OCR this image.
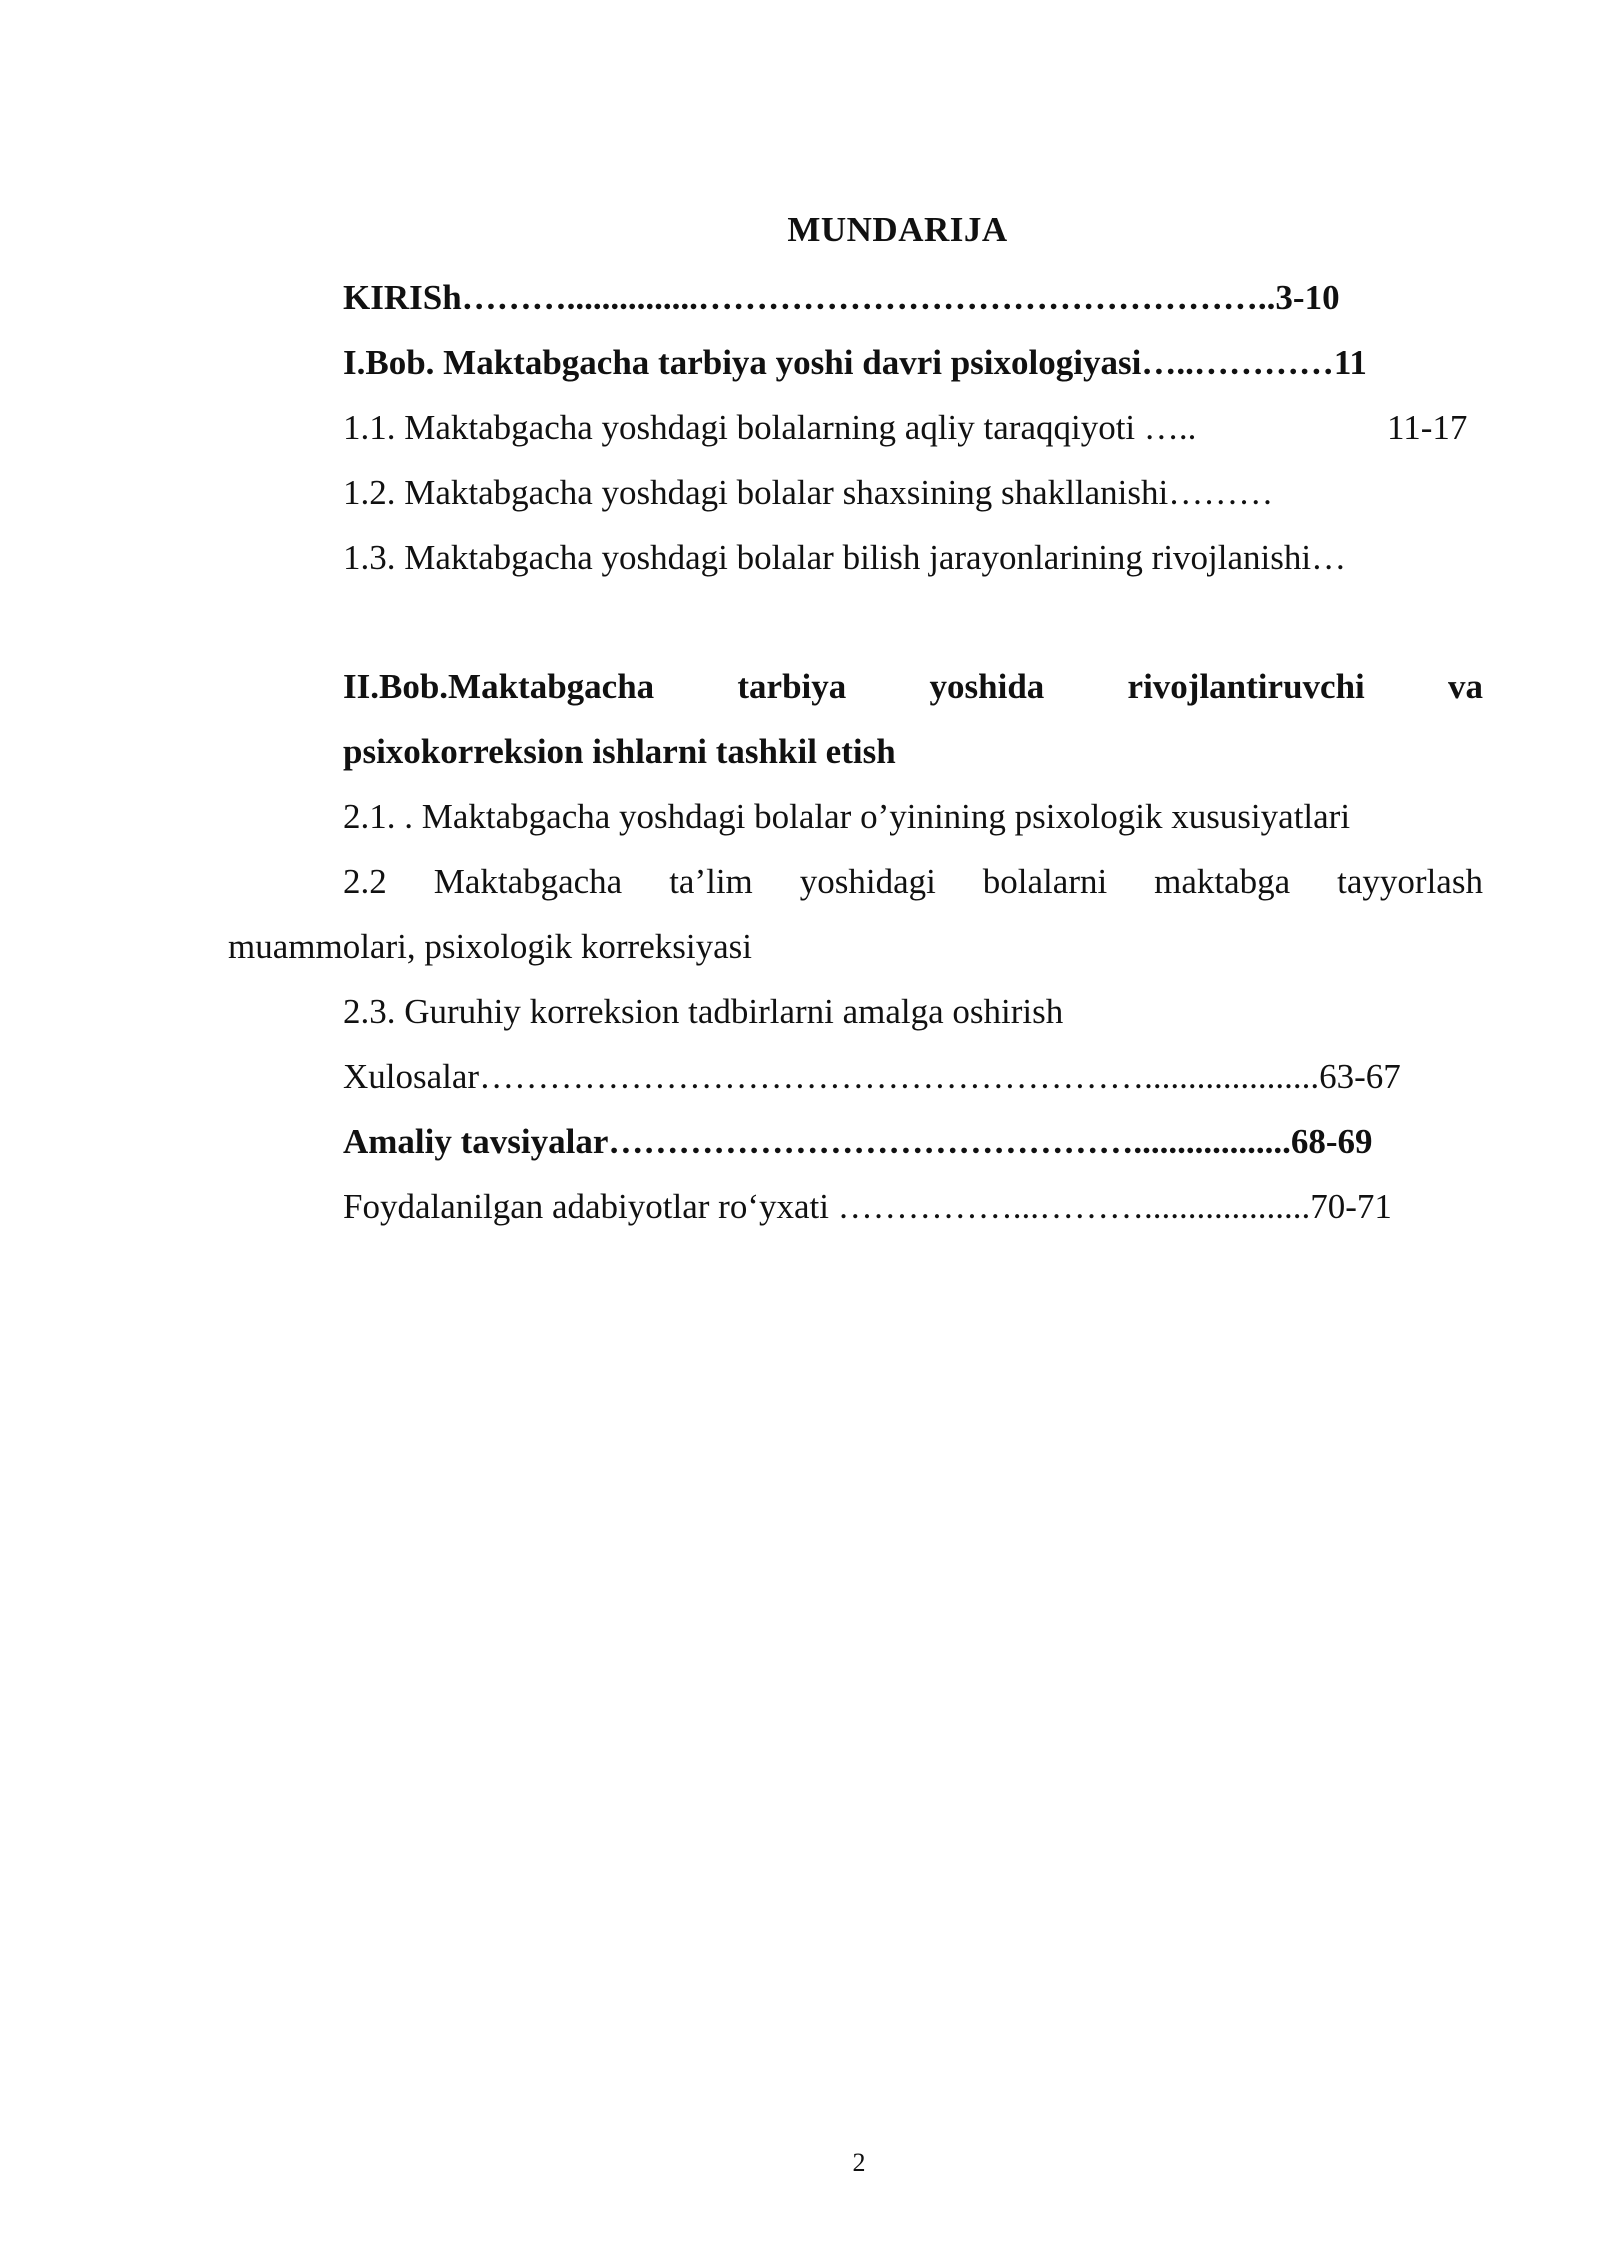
MUNDARIJA
KIRISh………...............…………………………………………..3-10
I.Bob. Maktabgacha tarbiya yoshi davri psixologiyasi…..…………11
1.1. Maktabgacha yoshdagi bolalarning aqliy taraqqiyoti …..	11-17
1.2. Maktabgacha yoshdagi bolalar shaxsining shakllanishi………
1.3. Maktabgacha yoshdagi bolalar bilish jarayonlarining rivojlanishi…
II.Bob.Maktabgacha tarbiya yoshida rivojlantiruvchi va
psixokorreksion ishlarni tashkil etish
2.1. . Maktabgacha yoshdagi bolalar o’yinining psixologik xususiyatlari
2.2 Maktabgacha ta’lim yoshidagi bolalarni maktabga tayyorlash
muammolari, psixologik korreksiyasi
2.3. Guruhiy korreksion tadbirlarni amalga oshirish
Xulosalar…………………………………………………....................63-67
Amaliy tavsiyalar………………………………………..................68-69
Foydalanilgan adabiyotlar ro‘yxati ……………...………...................70-71
2
